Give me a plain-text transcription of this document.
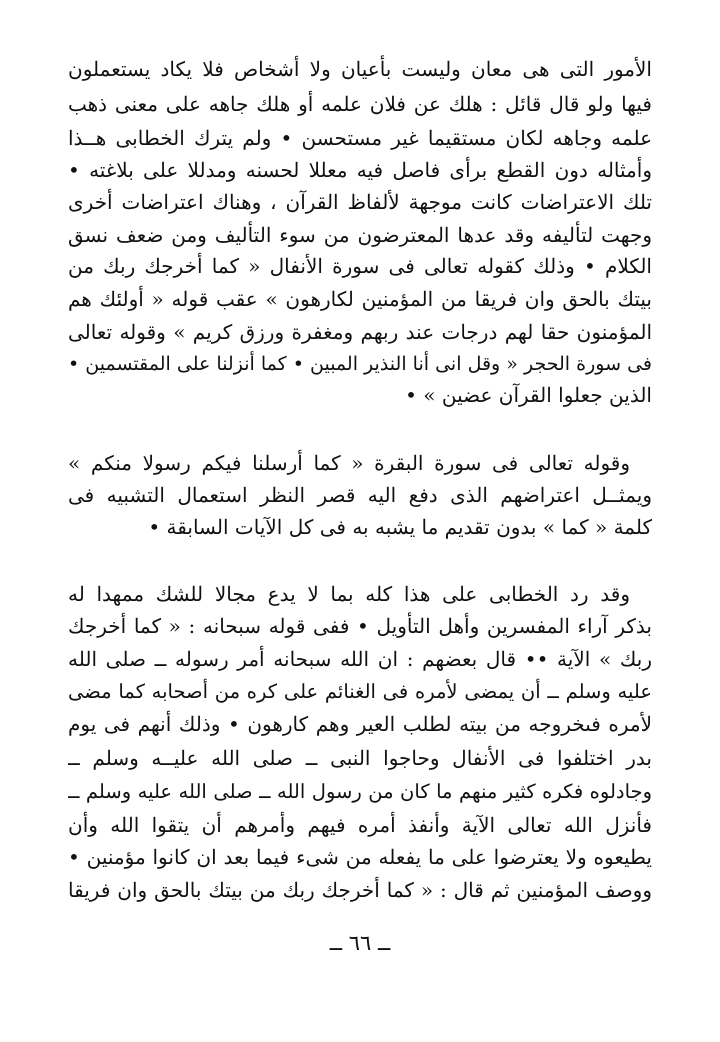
الأمور التى هى معان وليست بأعيان ولا أشخاص فلا يكاد يستعملون
فيها ولو قال قائل : هلك عن فلان علمه أو هلك جاهه على معنى ذهب
علمه وجاهه لكان مستقيما غير مستحسن • ولم يترك الخطابى هــذا
وأمثاله دون القطع برأى فاصل فيه معللا لحسنه ومدللا على بلاغته •
تلك الاعتراضات كانت موجهة لألفاظ القرآن ، وهناك اعتراضات أخرى
وجهت لتأليفه وقد عدها المعترضون من سوء التأليف ومن ضعف نسق
الكلام • وذلك كقوله تعالى فى سورة الأنفال « كما أخرجك ربك من
بيتك بالحق وان فريقا من المؤمنين لكارهون » عقب قوله « أولئك هم
المؤمنون حقا لهم درجات عند ربهم ومغفرة ورزق كريم » وقوله تعالى
فى سورة الحجر « وقل انى أنا النذير المبين • كما أنزلنا على المقتسمين •
الذين جعلوا القرآن عضين » •
وقوله تعالى فى سورة البقرة « كما أرسلنا فيكم رسولا منكم »
ويمثــل اعتراضهم الذى دفع اليه قصر النظر استعمال التشبيه فى
كلمة « كما » بدون تقديم ما يشبه به فى كل الآيات السابقة •
وقد رد الخطابى على هذا كله بما لا يدع مجالا للشك ممهدا له
بذكر آراء المفسرين وأهل التأويل • ففى قوله سبحانه : « كما أخرجك
ربك » الآية •• قال بعضهم : ان الله سبحانه أمر رسوله ــ صلى الله
عليه وسلم ــ أن يمضى لأمره فى الغنائم على كره من أصحابه كما مضى
لأمره فىخروجه من بيته لطلب العير وهم كارهون • وذلك أنهم فى يوم
بدر اختلفوا فى الأنفال وحاجوا النبى ــ صلى الله عليــه وسلم ــ
وجادلوه فكره كثير منهم ما كان من رسول الله ــ صلى الله عليه وسلم ــ
فأنزل الله تعالى الآية وأنفذ أمره فيهم وأمرهم أن يتقوا الله وأن
يطيعوه ولا يعترضوا على ما يفعله من شىء فيما بعد ان كانوا مؤمنين •
ووصف المؤمنين ثم قال : « كما أخرجك ربك من بيتك بالحق وان فريقا
ــ ٦٦ ــ
